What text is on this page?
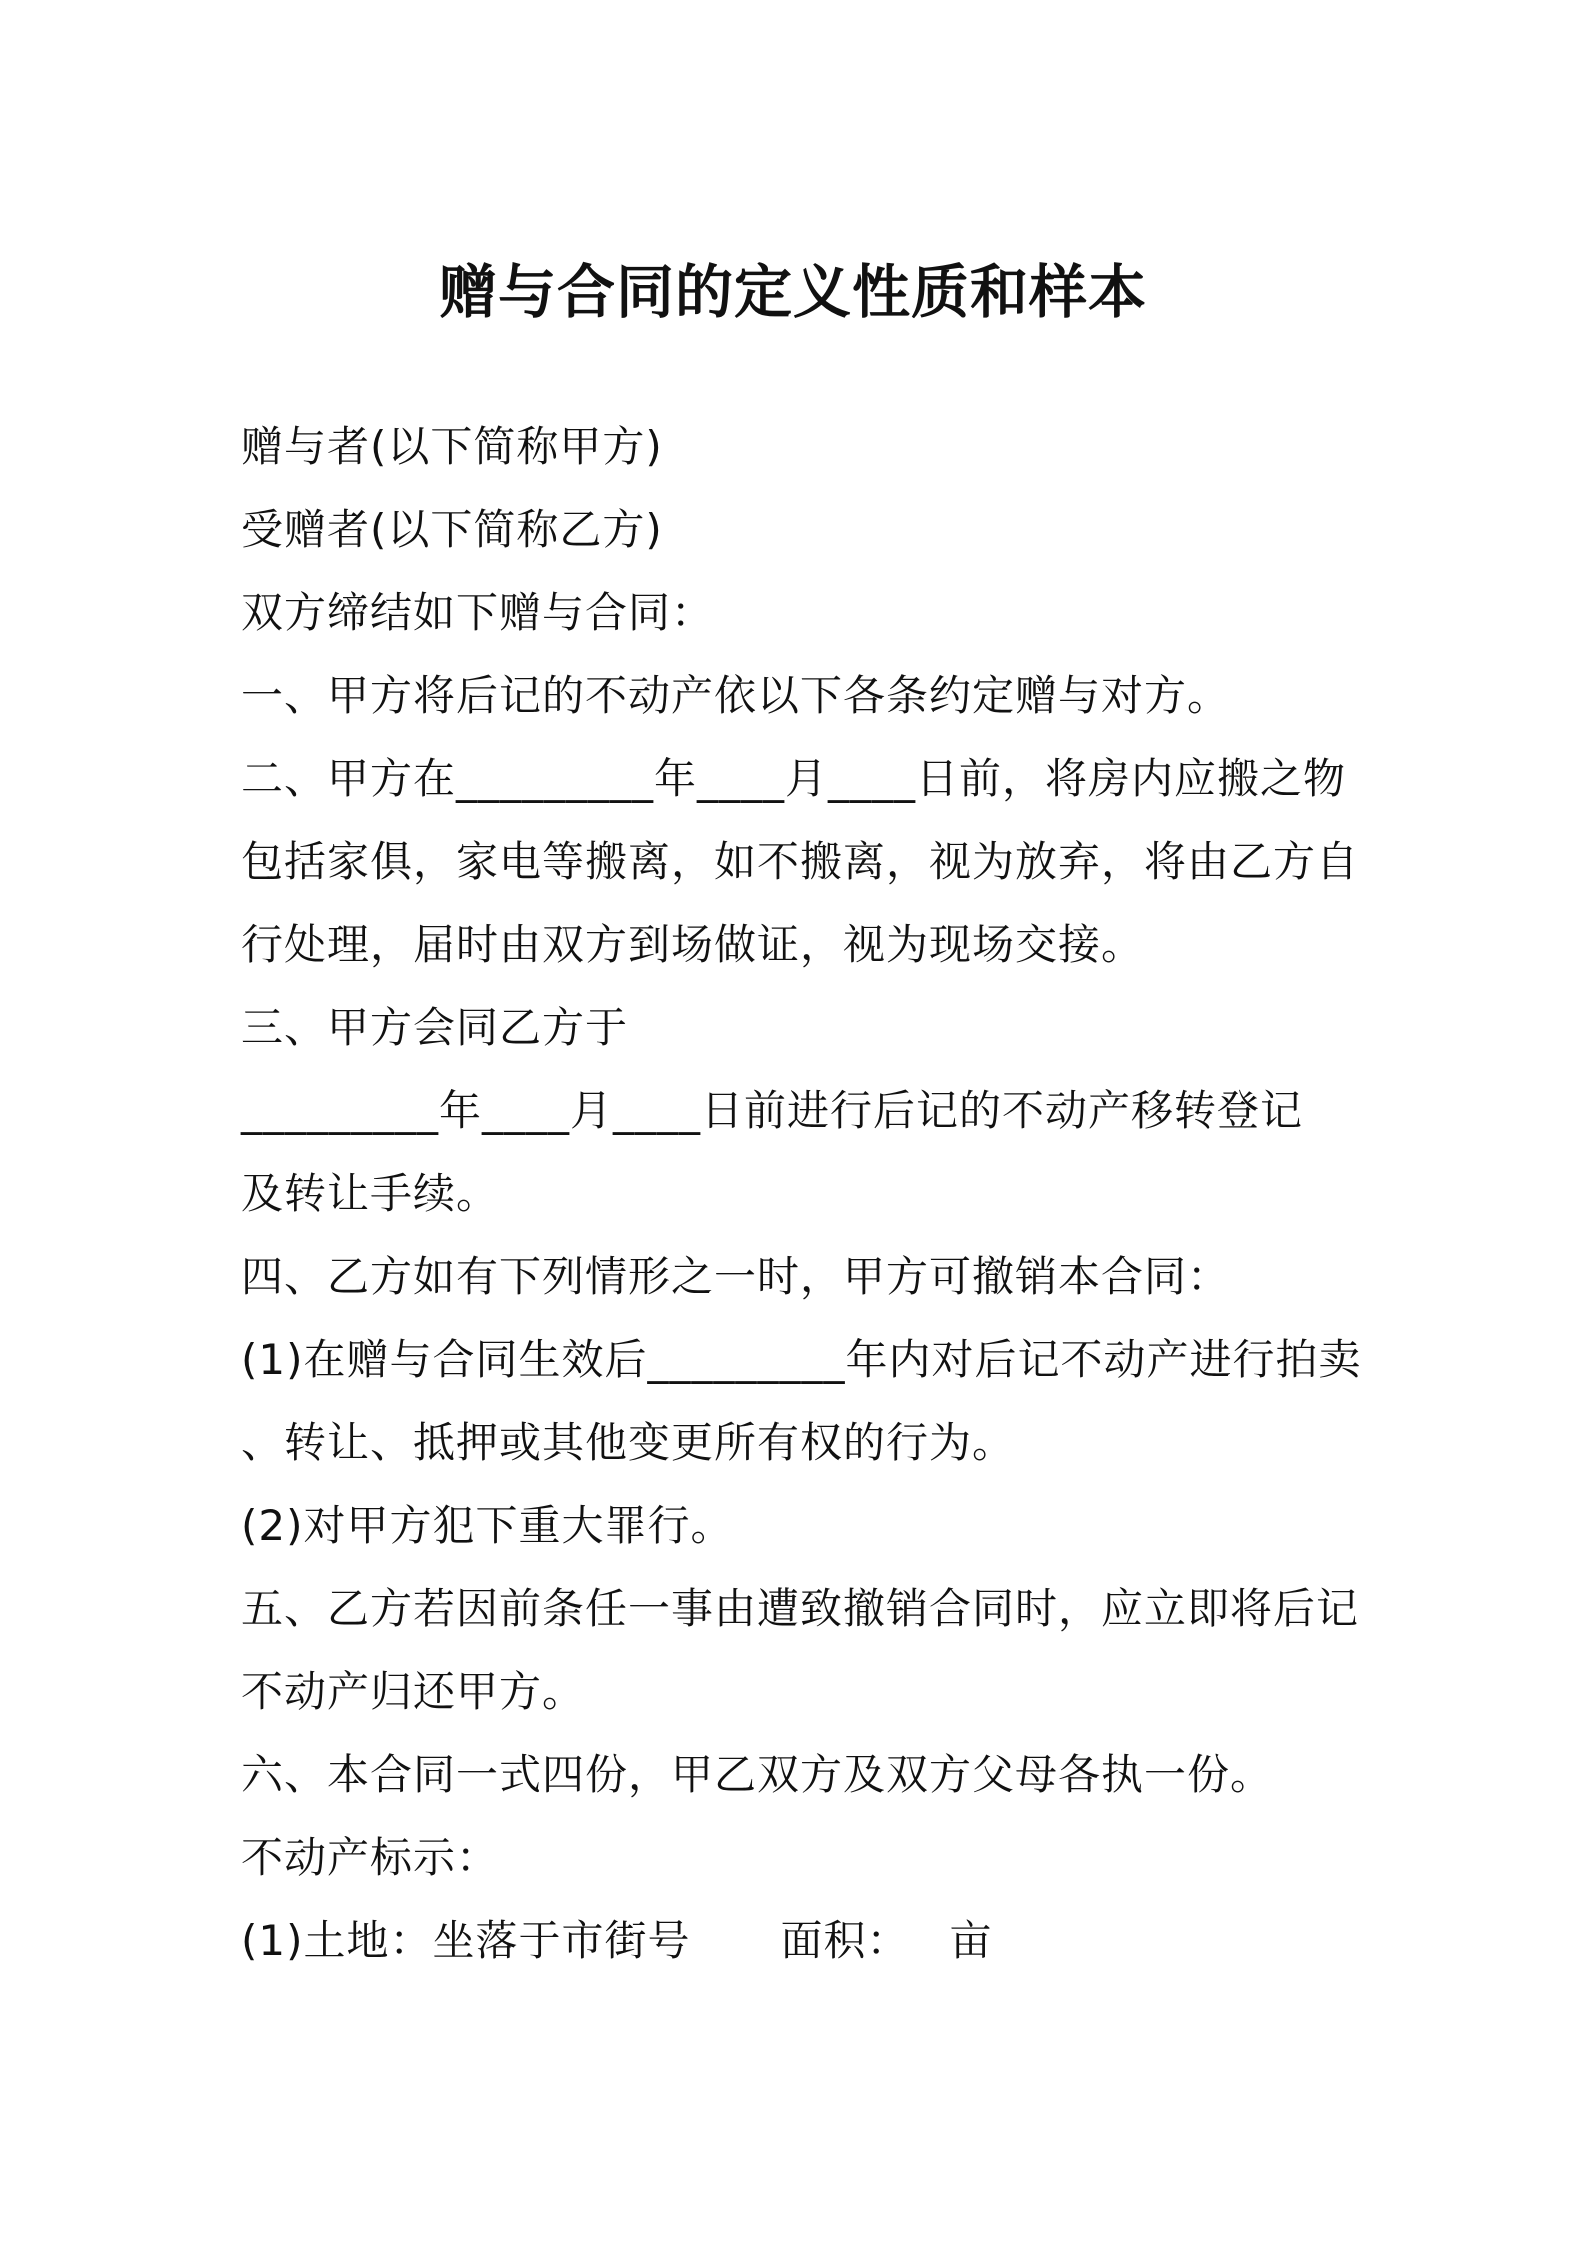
赠与合同的定义性质和样本
赠与者(以下简称甲方)
受赠者(以下简称乙方)
双方缔结如下赠与合同：
一、甲方将后记的不动产依以下各条约定赠与对方。
二、甲方在_________年____月____日前，将房内应搬之物
包括家俱，家电等搬离，如不搬离，视为放弃，将由乙方自
行处理，届时由双方到场做证，视为现场交接。
三、甲方会同乙方于
_________年____月____日前进行后记的不动产移转登记
及转让手续。
四、乙方如有下列情形之一时，甲方可撤销本合同：
(1)在赠与合同生效后_________年内对后记不动产进行拍卖
、转让、抵押或其他变更所有权的行为。
(2)对甲方犯下重大罪行。
五、乙方若因前条任一事由遭致撤销合同时，应立即将后记
不动产归还甲方。
六、本合同一式四份，甲乙双方及双方父母各执一份。
不动产标示：
(1)土地：坐落于市街号 面积： 亩
